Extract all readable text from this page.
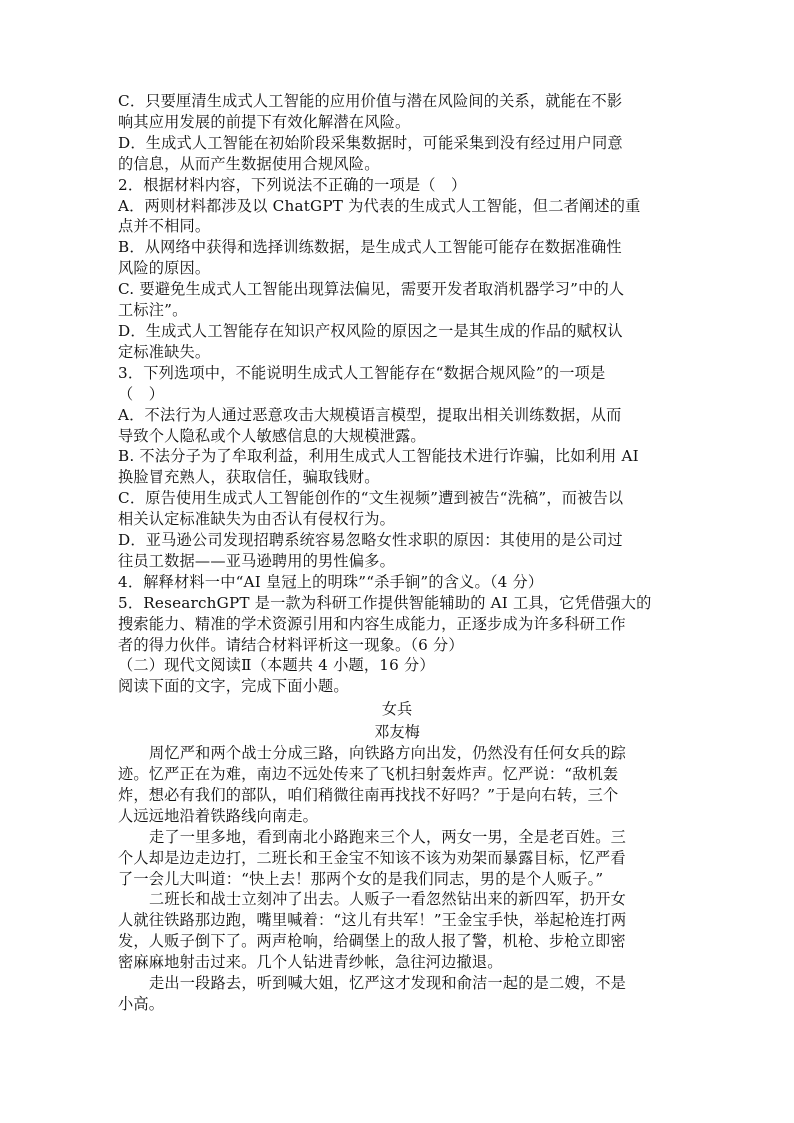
C．只要厘清生成式人工智能的应用价值与潜在风险间的关系，就能在不影
响其应用发展的前提下有效化解潜在风险。
D．生成式人工智能在初始阶段采集数据时，可能采集到没有经过用户同意
的信息，从而产生数据使用合规风险。
2．根据材料内容，下列说法不正确的一项是（　）
A．两则材料都涉及以 ChatGPT 为代表的生成式人工智能，但二者阐述的重
点并不相同。
B．从网络中获得和选择训练数据，是生成式人工智能可能存在数据准确性
风险的原因。
C. 要避免生成式人工智能出现算法偏见，需要开发者取消机器学习”中的人
工标注”。
D．生成式人工智能存在知识产权风险的原因之一是其生成的作品的赋权认
定标准缺失。
3．下列选项中，不能说明生成式人工智能存在“数据合规风险”的一项是
（　）
A．不法行为人通过恶意攻击大规模语言模型，提取出相关训练数据，从而
导致个人隐私或个人敏感信息的大规模泄露。
B. 不法分子为了牟取利益，利用生成式人工智能技术进行诈骗，比如利用 AI
换脸冒充熟人，获取信任，骗取钱财。
C．原告使用生成式人工智能创作的“文生视频”遭到被告“洗稿”，而被告以
相关认定标准缺失为由否认有侵权行为。
D．亚马逊公司发现招聘系统容易忽略女性求职的原因：其使用的是公司过
往员工数据——亚马逊聘用的男性偏多。
4．解释材料一中“AI 皇冠上的明珠”“杀手锏”的含义。（4 分）
5．ResearchGPT 是一款为科研工作提供智能辅助的 AI 工具，它凭借强大的
搜索能力、精准的学术资源引用和内容生成能力，正逐步成为许多科研工作
者的得力伙伴。请结合材料评析这一现象。（6 分）
（二）现代文阅读Ⅱ（本题共 4 小题，16 分）
阅读下面的文字，完成下面小题。
女兵
邓友梅
周忆严和两个战士分成三路，向铁路方向出发，仍然没有任何女兵的踪
迹。忆严正在为难，南边不远处传来了飞机扫射轰炸声。忆严说：“敌机轰
炸，想必有我们的部队，咱们稍微往南再找找不好吗？”于是向右转，三个
人远远地沿着铁路线向南走。
走了一里多地，看到南北小路跑来三个人，两女一男，全是老百姓。三
个人却是边走边打，二班长和王金宝不知该不该为劝架而暴露目标，忆严看
了一会儿大叫道：“快上去！那两个女的是我们同志，男的是个人贩子。”
二班长和战士立刻冲了出去。人贩子一看忽然钻出来的新四军，扔开女
人就往铁路那边跑，嘴里喊着：“这儿有共军！”王金宝手快，举起枪连打两
发，人贩子倒下了。两声枪响，给碉堡上的敌人报了警，机枪、步枪立即密
密麻麻地射击过来。几个人钻进青纱帐，急往河边撤退。
走出一段路去，听到喊大姐，忆严这才发现和俞洁一起的是二嫂，不是
小高。
